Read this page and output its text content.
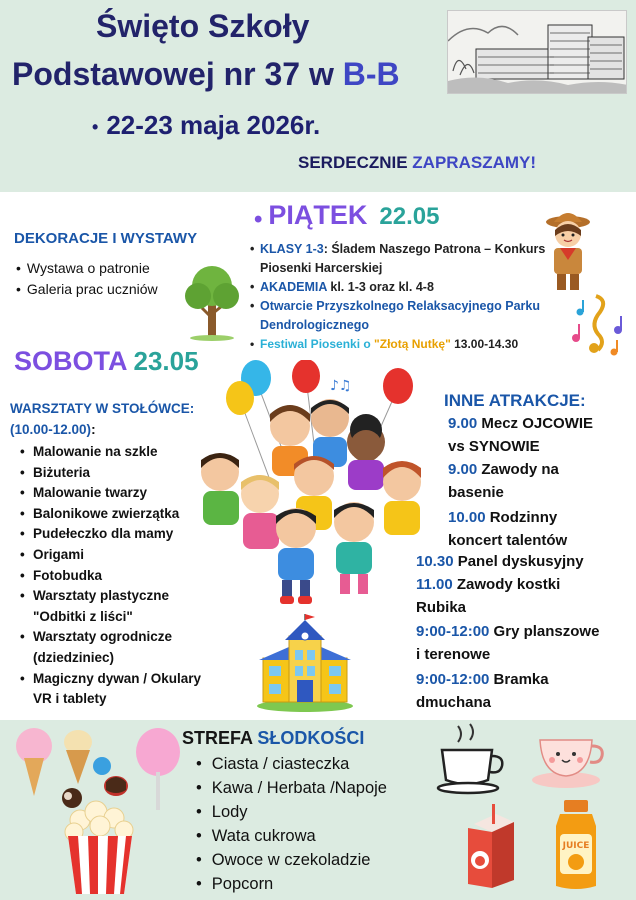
Święto Szkoły
Podstawowej nr 37 w B-B
• 22-23 maja 2026r.
SERDECZNIE ZAPRASZAMY!
DEKORACJE I WYSTAWY
• Wystawa o patronie
• Galeria prac uczniów
• PIĄTEK 22.05
• KLASY 1-3: Śladem Naszego Patrona – Konkurs Piosenki Harcerskiej
• AKADEMIA kl. 1-3 oraz kl. 4-8
• Otwarcie Przyszkolnego Relaksacyjnego Parku Dendrologicznego
• Festiwal Piosenki o "Złotą Nutkę" 13.00-14.30
SOBOTA 23.05
WARSZTATY W STOŁÓWCE:
(10.00-12.00):
• Malowanie na szkle
• Biżuteria
• Malowanie twarzy
• Balonikowe zwierzątka
• Pudełeczko dla mamy
• Origami
• Fotobudka
• Warsztaty plastyczne "Odbitki z liści"
• Warsztaty ogrodnicze (dziedziniec)
• Magiczny dywan / Okulary VR i tablety
♪♫
INNE ATRAKCJE:
9.00 Mecz OJCOWIE
vs SYNOWIE
9.00 Zawody na
basenie
10.00 Rodzinny
koncert talentów
10.30 Panel dyskusyjny
11.00 Zawody kostki
Rubika
9:00-12:00 Gry planszowe
i terenowe
9:00-12:00 Bramka
dmuchana
STREFA SŁODKOŚCI
• Ciasta / ciasteczka
• Kawa / Herbata /Napoje
• Lody
• Wata cukrowa
• Owoce w czekoladzie
• Popcorn
JUICE
